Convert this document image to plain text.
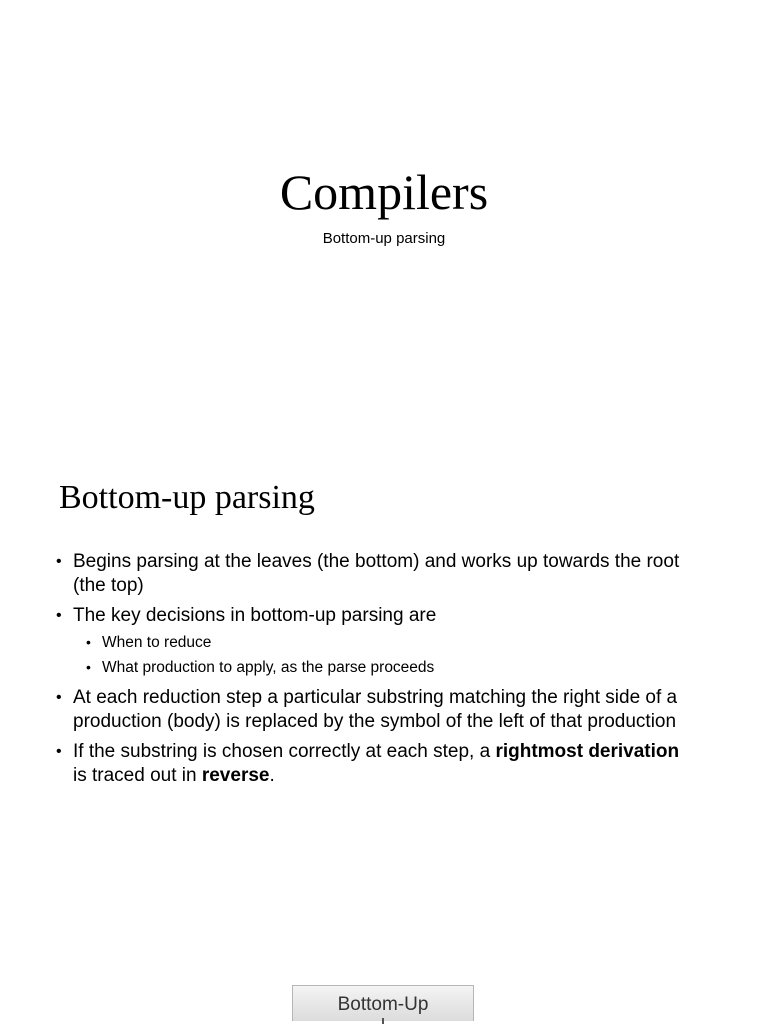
Compilers
Bottom-up parsing
Bottom-up parsing
• Begins parsing at the leaves (the bottom) and works up towards the root (the top)
• The key decisions in bottom-up parsing are
• When to reduce
• What production to apply, as the parse proceeds
• At each reduction step a particular substring matching the right side of a production (body) is replaced by the symbol of the left of that production
• If the substring is chosen correctly at each step, a rightmost derivation is traced out in reverse.
Bottom-Up
